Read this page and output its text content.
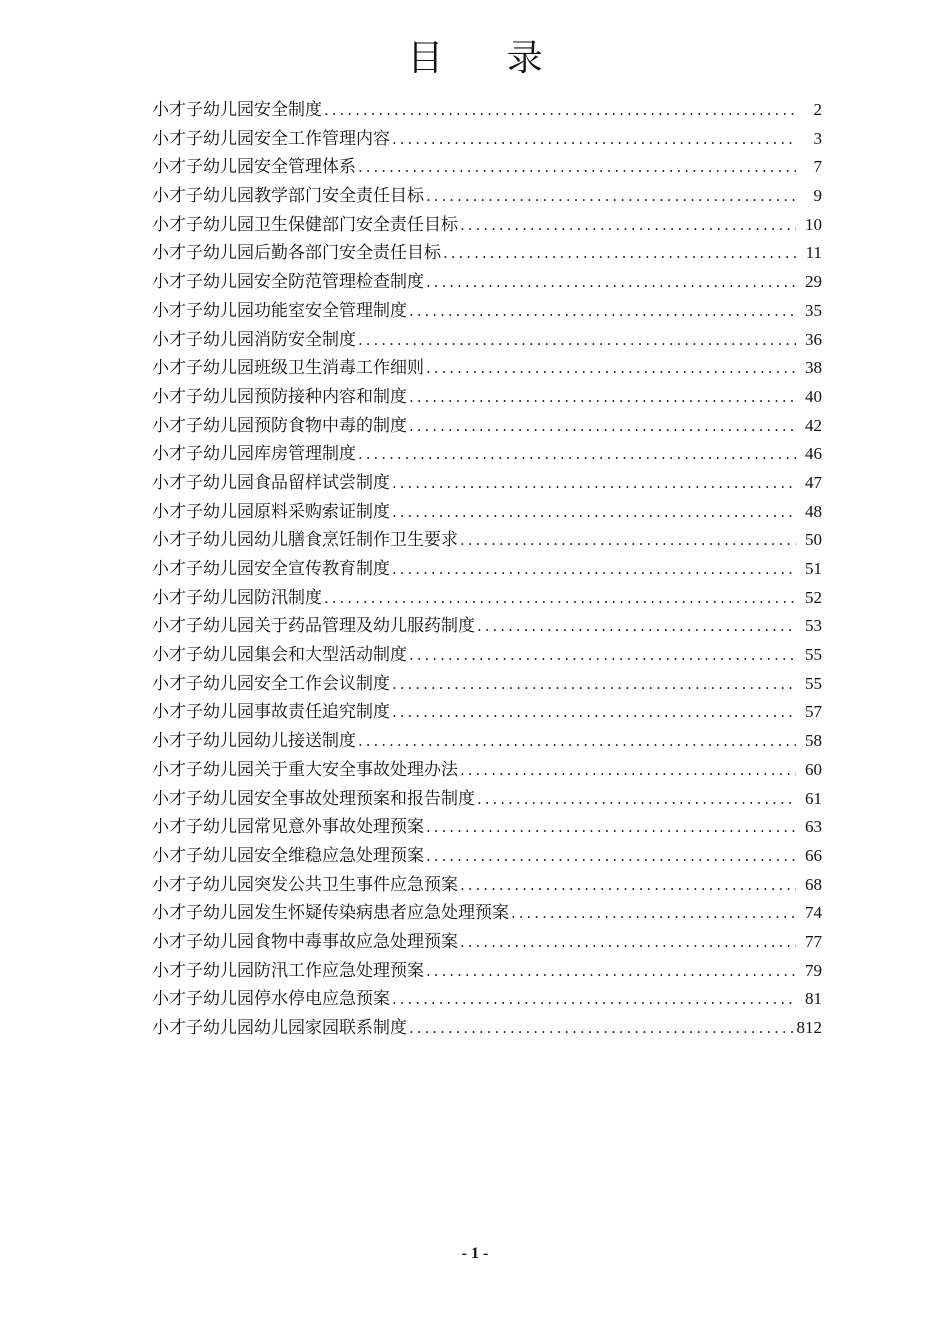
目 录
小才子幼儿园安全制度 .....	2
小才子幼儿园安全工作管理内容 .....	3
小才子幼儿园安全管理体系 .....	7
小才子幼儿园教学部门安全责任目标 .....	9
小才子幼儿园卫生保健部门安全责任目标 .....	10
小才子幼儿园后勤各部门安全责任目标 .....	11
小才子幼儿园安全防范管理检查制度 .....	29
小才子幼儿园功能室安全管理制度 .....	35
小才子幼儿园消防安全制度 .....	36
小才子幼儿园班级卫生消毒工作细则 .....	38
小才子幼儿园预防接种内容和制度 .....	40
小才子幼儿园预防食物中毒的制度 .....	42
小才子幼儿园库房管理制度 .....	46
小才子幼儿园食品留样试尝制度 .....	47
小才子幼儿园原料采购索证制度 .....	48
小才子幼儿园幼儿膳食烹饪制作卫生要求 .....	50
小才子幼儿园安全宣传教育制度 .....	51
小才子幼儿园防汛制度 .....	52
小才子幼儿园关于药品管理及幼儿服药制度 .....	53
小才子幼儿园集会和大型活动制度 .....	55
小才子幼儿园安全工作会议制度 .....	55
小才子幼儿园事故责任追究制度 .....	57
小才子幼儿园幼儿接送制度 .....	58
小才子幼儿园关于重大安全事故处理办法 .....	60
小才子幼儿园安全事故处理预案和报告制度 .....	61
小才子幼儿园常见意外事故处理预案 .....	63
小才子幼儿园安全维稳应急处理预案 .....	66
小才子幼儿园突发公共卫生事件应急预案 .....	68
小才子幼儿园发生怀疑传染病患者应急处理预案 .....	74
小才子幼儿园食物中毒事故应急处理预案 .....	77
小才子幼儿园防汛工作应急处理预案 .....	79
小才子幼儿园停水停电应急预案 .....	81
小才子幼儿园幼儿园家园联系制度 .....	812
- 1 -
